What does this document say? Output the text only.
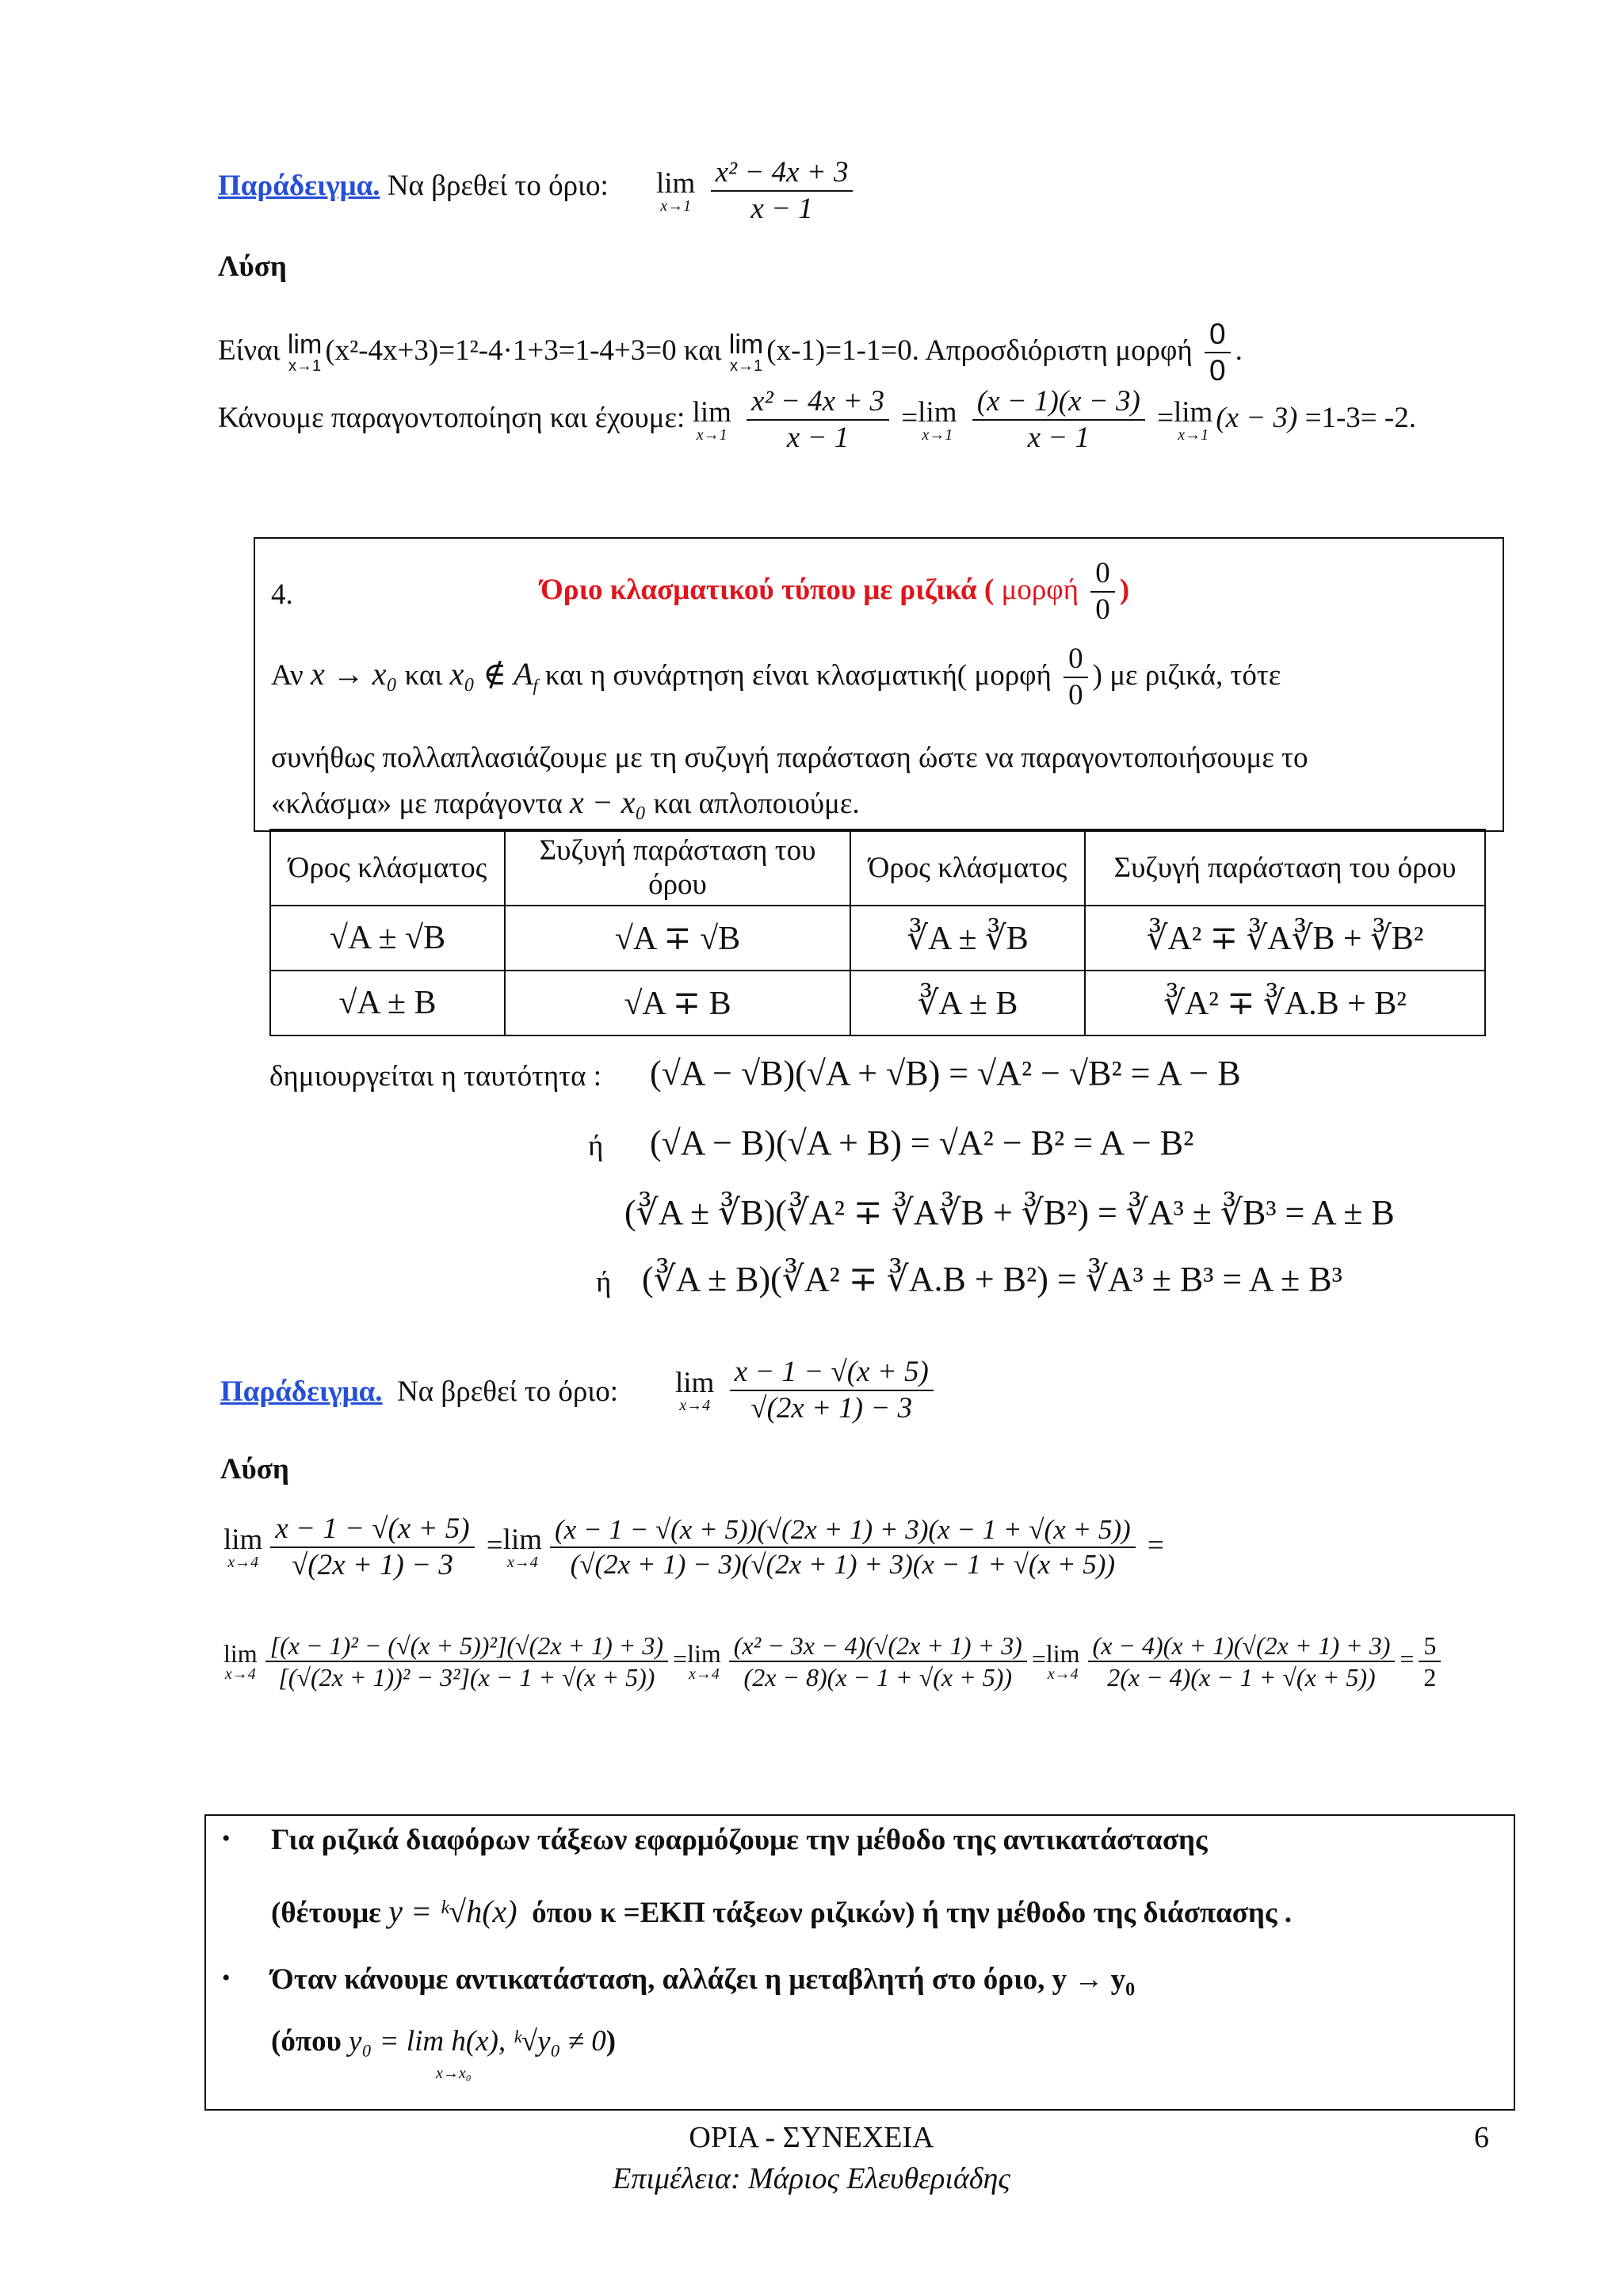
Παράδειγμα. Να βρεθεί το όριο: lim
x→1
$\frac{\text{x² − 4x + 3}}{x - 1}$
Λύση
Είναι lim
x→1 (x²-4x+3)=1²-4·1+3=1-4+3=0 και lim
x→1 (x-1)=1-1=0. Απροσδιόριστη μορφή $\frac{0}{0}$ .
Κάνουμε παραγοντοποίηση και έχουμε: lim
x→1
$\frac{\text{x² − 4x + 3}}{x - 1} =\lim$
x→1
$\frac{(x - 1)(x - 3)}{x - 1} =\lim$
x→1
(x − 3) =1-3= -2.
4.	Όριο κλασματικού τύπου με ριζικά ( μορφή $\frac{0}{0}$ )
Αν x → x₀ και x₀ ∉ $A_f$ και η συνάρτηση είναι κλασματική( μορφή $\frac{0}{0}$ ) με ριζικά, τότε
συνήθως πολλαπλασιάζουμε με τη συζυγή παράσταση ώστε να παραγοντοποιήσουμε το
«κλάσμα» με παράγοντα x − x₀ και απλοποιούμε.
Όρος κλάσματος	Συζυγή παράσταση του όρου	Όρος κλάσματος	Συζυγή παράσταση του όρου
√A ± √B	√A ∓ √B	∛A ± ∛B	∛A² ∓ ∛A∛B + ∛B²
√A ± B	√A ∓ B	∛A ± B	∛A² ∓ ∛A.B + B²
δημιουργείται η ταυτότητα : (√A − √B)(√A + √B) = √A² − √B² = A − B
ή (√A − B)(√A + B) = √A² − B² = A − B²
(∛A ± ∛B)(∛A² ∓ ∛A∛B + ∛B²) = ∛A³ ± ∛B³ = A ± B
ή (∛A ± B)(∛A² ∓ ∛A.B + B²) = ∛A³ ± B³ = A ± B³
Παράδειγμα. Να βρεθεί το όριο: lim
x→4
$\frac{x - 1 - √(x + 5)}{√(2x + 1) - 3}$
Λύση
lim
$x\to 4 \frac{x - 1 - √(x + 5)}{√(2x + 1) - 3} =\lim$
$x\to 4 \frac{(x - 1 - √(x + 5))(√(2x + 1) + 3)(x - 1 + √(x + 5))}{(√(2x + 1) - 3)(√(2x + 1) + 3)(x - 1 + √(x + 5))}$ =
lim
$x\to 4 \frac{\text{[(x − 1)² − (√(x + 5))²](√(2x + 1) + 3)}}{\text{[(√(2x + 1))² − 3²](x − 1 + √(x + 5))}} =\lim$
$x\to 4 \frac{\text{(x² − 3x − 4)(√(2x + 1) + 3)}}{(2x - 8)(x - 1 + √(x + 5))} =\lim$
$x\to 4 \frac{(x - 4)(x + 1)(√(2x + 1) + 3)}{2(x - 4)(x - 1 + √(x + 5))} = \frac{5}{2}$
• Για ριζικά διαφόρων τάξεων εφαρμόζουμε την μέθοδο της αντικατάστασης
(θέτουμε y = ᵏ√h(x) όπου κ =ΕΚΠ τάξεων ριζικών) ή την μέθοδο της διάσπασης .
• Όταν κάνουμε αντικατάσταση, αλλάζει η μεταβλητή στο όριο, $y \to y_0$
(όπου y₀ = lim h(x), ᵏ√y₀ ≠ 0)
x→x₀
ΟΡΙΑ - ΣΥΝΕΧΕΙΑ	6
Επιμέλεια: Μάριος Ελευθεριάδης
